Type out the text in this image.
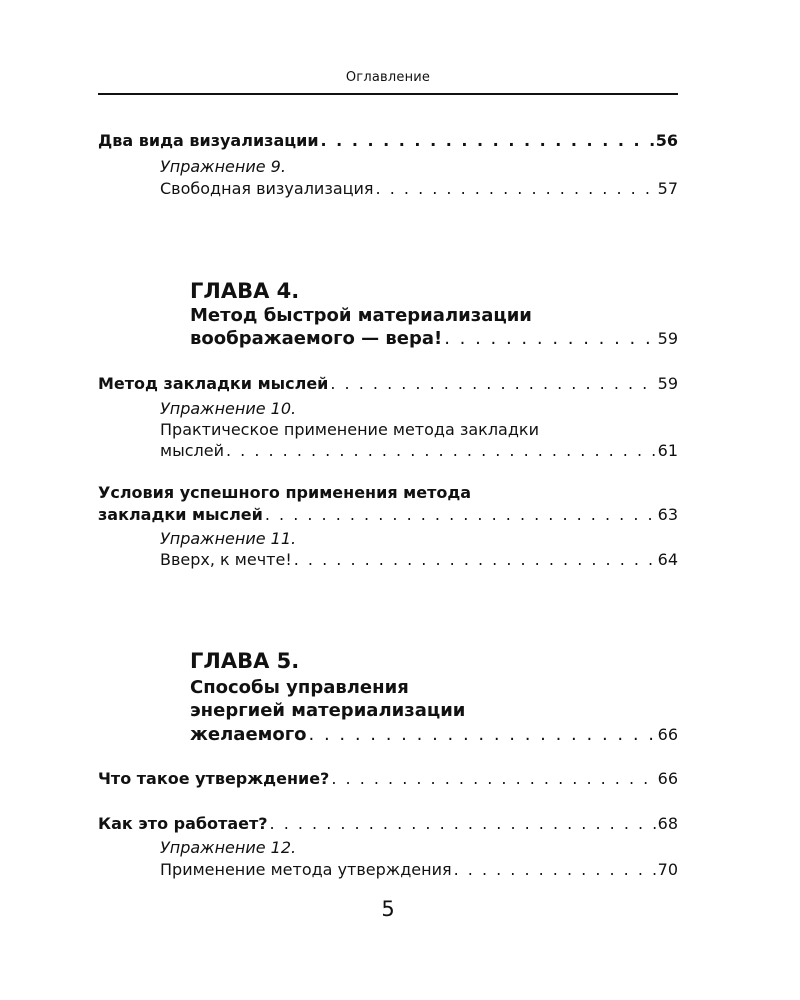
Оглавление
Два вида визуализации . . .	56
Упражнение 9.
Свободная визуализация . . .	57
ГЛАВА 4.
Метод быстрой материализации
воображаемого — вера! . . .	59
Метод закладки мыслей . . .	59
Упражнение 10.
Практическое применение метода закладки
мыслей . . .	61
Условия успешного применения метода
закладки мыслей . . .	63
Упражнение 11.
Вверх, к мечте! . . .	64
ГЛАВА 5.
Способы управления
энергией материализации
желаемого . . .	66
Что такое утверждение? . . .	66
Как это работает? . . .	68
Упражнение 12.
Применение метода утверждения . . .	70
5
